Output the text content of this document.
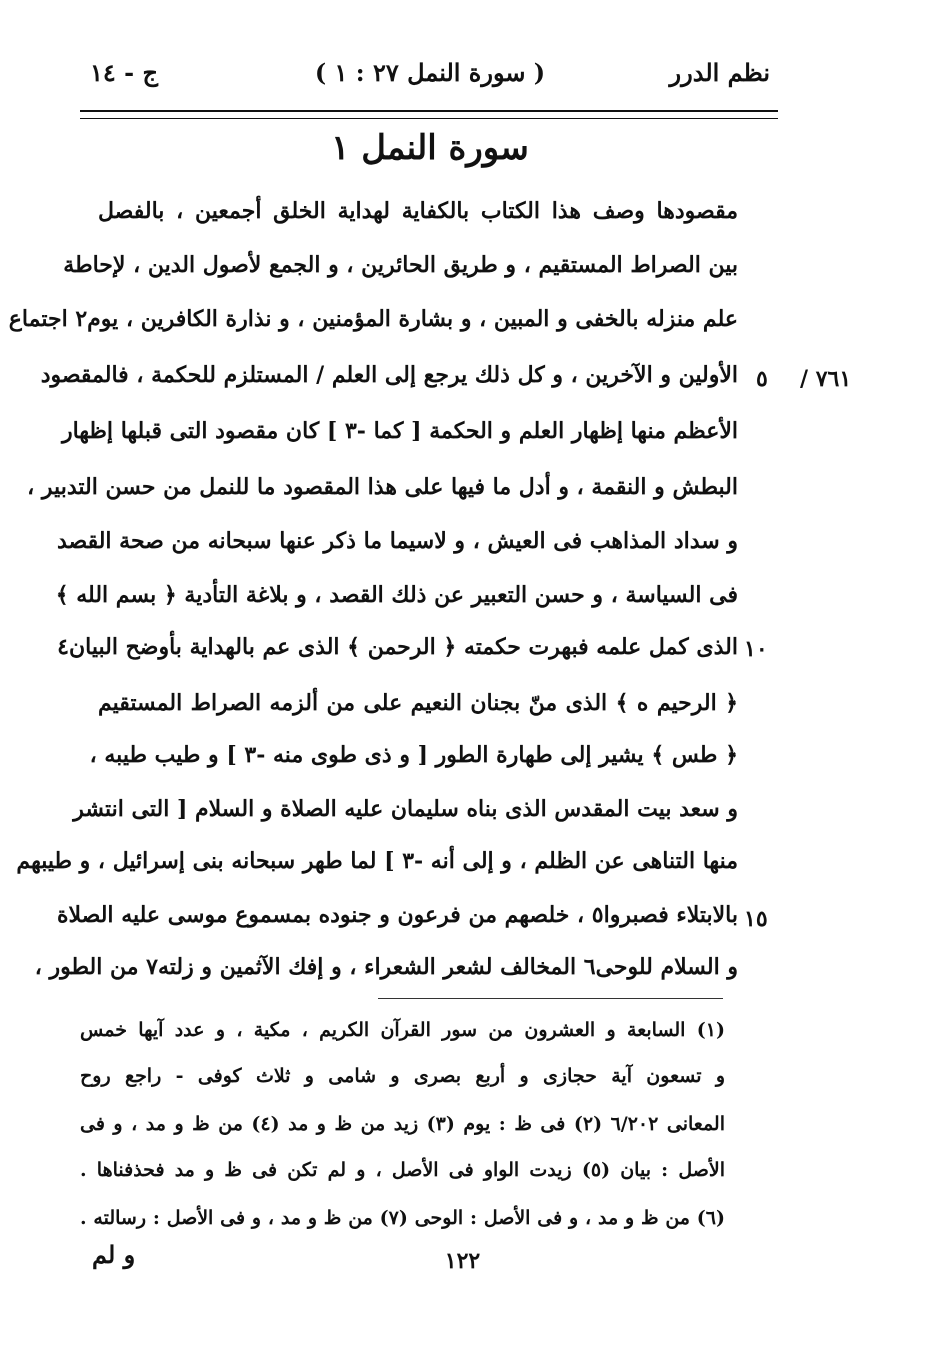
نظم الدرر
( سورة النمل ٢٧ : ١ )
ج - ١٤
سورة النمل ١
٧٦١ /
٥
١٠
١٥
مقصودها وصف هذا الكتاب بالكفاية لهداية الخلق أجمعين ، بالفصل
بين الصراط المستقيم ، و طريق الحائرين ، و الجمع لأصول الدين ، لإحاطة
علم منزله بالخفى و المبين ، و بشارة المؤمنين ، و نذارة الكافرين ، يوم٢ اجتماع
الأولين و الآخرين ، و كل ذلك يرجع إلى العلم / المستلزم للحكمة ، فالمقصود
الأعظم منها إظهار العلم و الحكمة [ كما -٣ ] كان مقصود التى قبلها إظهار
البطش و النقمة ، و أدل ما فيها على هذا المقصود ما للنمل من حسن التدبير ،
و سداد المذاهب فى العيش ، و لاسيما ما ذكر عنها سبحانه من صحة القصد
فى السياسة ، و حسن التعبير عن ذلك القصد ، و بلاغة التأدية ﴿ بسم الله ﴾
الذى كمل علمه فبهرت حكمته ﴿ الرحمن ﴾ الذى عم بالهداية بأوضح البيان٤
﴿ الرحيم ه ﴾ الذى منّ بجنان النعيم على من ألزمه الصراط المستقيم
﴿ طس ﴾ يشير إلى طهارة الطور [ و ذى طوى منه -٣ ] و طيب طيبه ،
و سعد بيت المقدس الذى بناه سليمان عليه الصلاة و السلام [ التى انتشر
منها التناهى عن الظلم ، و إلى أنه -٣ ] لما طهر سبحانه بنى إسرائيل ، و طيبهم
بالابتلاء فصبروا٥ ، خلصهم من فرعون و جنوده بمسموع موسى عليه الصلاة
و السلام للوحى٦ المخالف لشعر الشعراء ، و إفك الآثمين و زلته٧ من الطور ،
(١) السابعة و العشرون من سور القرآن الكريم ، مكية ، و عدد آيها خمس
و تسعون آية حجازى و أربع بصرى و شامى و ثلاث كوفى - راجع روح
المعانى ٦/٢٠٢ (٢) فى ظ : يوم (٣) زيد من ظ و مد (٤) من ظ و مد ، و فى
الأصل : بيان (٥) زيدت الواو فى الأصل ، و لم تكن فى ظ و مد فحذفناها .
(٦) من ظ و مد ، و فى الأصل : الوحى (٧) من ظ و مد ، و فى الأصل : رسالته .
١٢٢
و لم
